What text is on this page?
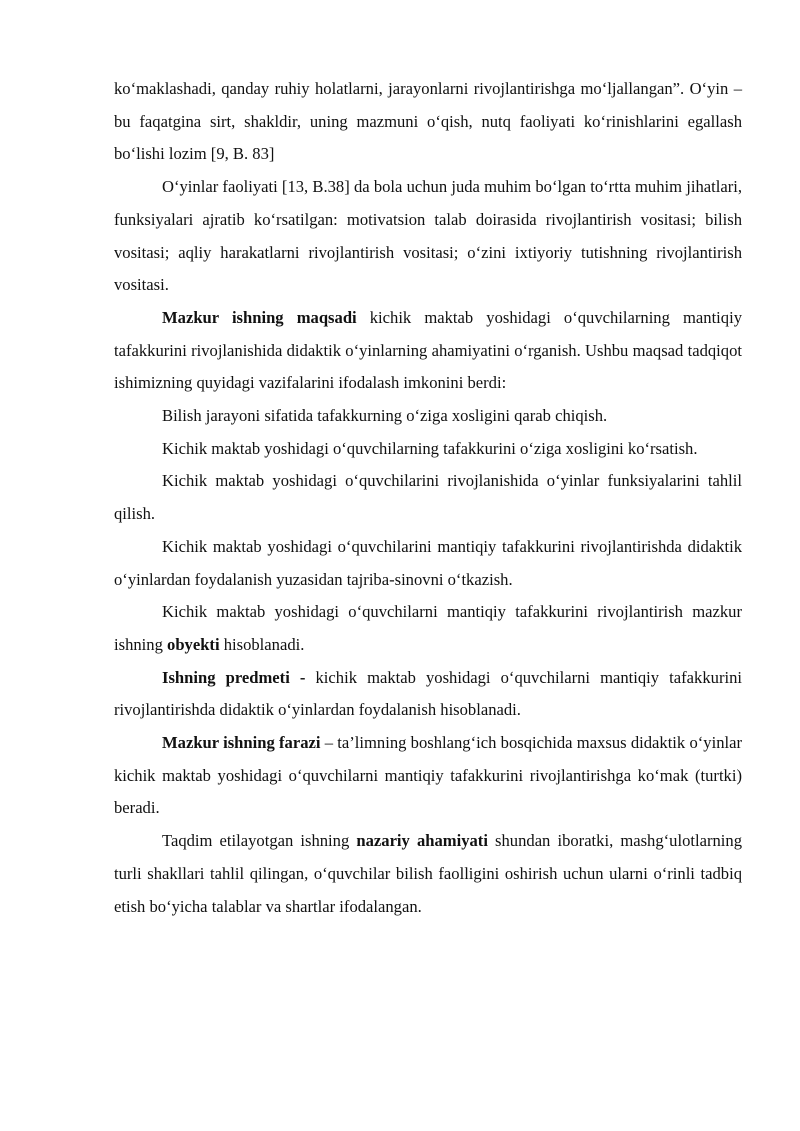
ko‘maklashadi, qanday ruhiy holatlarni, jarayonlarni rivojlantirishga mo‘ljallangan”. O‘yin – bu faqatgina sirt, shakldir, uning mazmuni o‘qish, nutq faoliyati ko‘rinishlarini egallash bo‘lishi lozim [9, B. 83]

O‘yinlar faoliyati [13, B.38] da bola uchun juda muhim bo‘lgan to‘rtta muhim jihatlari, funksiyalari ajratib ko‘rsatilgan: motivatsion talab doirasida rivojlantirish vositasi; bilish vositasi; aqliy harakatlarni rivojlantirish vositasi; o‘zini ixtiyoriy tutishning rivojlantirish vositasi.

Mazkur ishning maqsadi kichik maktab yoshidagi o‘quvchilarning mantiqiy tafakkurini rivojlanishida didaktik o‘yinlarning ahamiyatini o‘rganish. Ushbu maqsad tadqiqot ishimizning quyidagi vazifalarini ifodalash imkonini berdi:

Bilish jarayoni sifatida tafakkurning o‘ziga xosligini qarab chiqish.

Kichik maktab yoshidagi o‘quvchilarning tafakkurini o‘ziga xosligini ko‘rsatish.

Kichik maktab yoshidagi o‘quvchilarini rivojlanishida o‘yinlar funksiyalarini tahlil qilish.

Kichik maktab yoshidagi o‘quvchilarini mantiqiy tafakkurini rivojlantirishda didaktik o‘yinlardan foydalanish yuzasidan tajriba-sinovni o‘tkazish.

Kichik maktab yoshidagi o‘quvchilarni mantiqiy tafakkurini rivojlantirish mazkur ishning obyekti hisoblanadi.

Ishning predmeti - kichik maktab yoshidagi o‘quvchilarni mantiqiy tafakkurini rivojlantirishda didaktik o‘yinlardan foydalanish hisoblanadi.

Mazkur ishning farazi – ta’limning boshlang‘ich bosqichida maxsus didaktik o‘yinlar kichik maktab yoshidagi o‘quvchilarni mantiqiy tafakkurini rivojlantirishga ko‘mak (turtki) beradi.

Taqdim etilayotgan ishning nazariy ahamiyati shundan iboratki, mashg‘ulotlarning turli shakllari tahlil qilingan, o‘quvchilar bilish faolligini oshirish uchun ularni o‘rinli tadbiq etish bo‘yicha talablar va shartlar ifodalangan.
